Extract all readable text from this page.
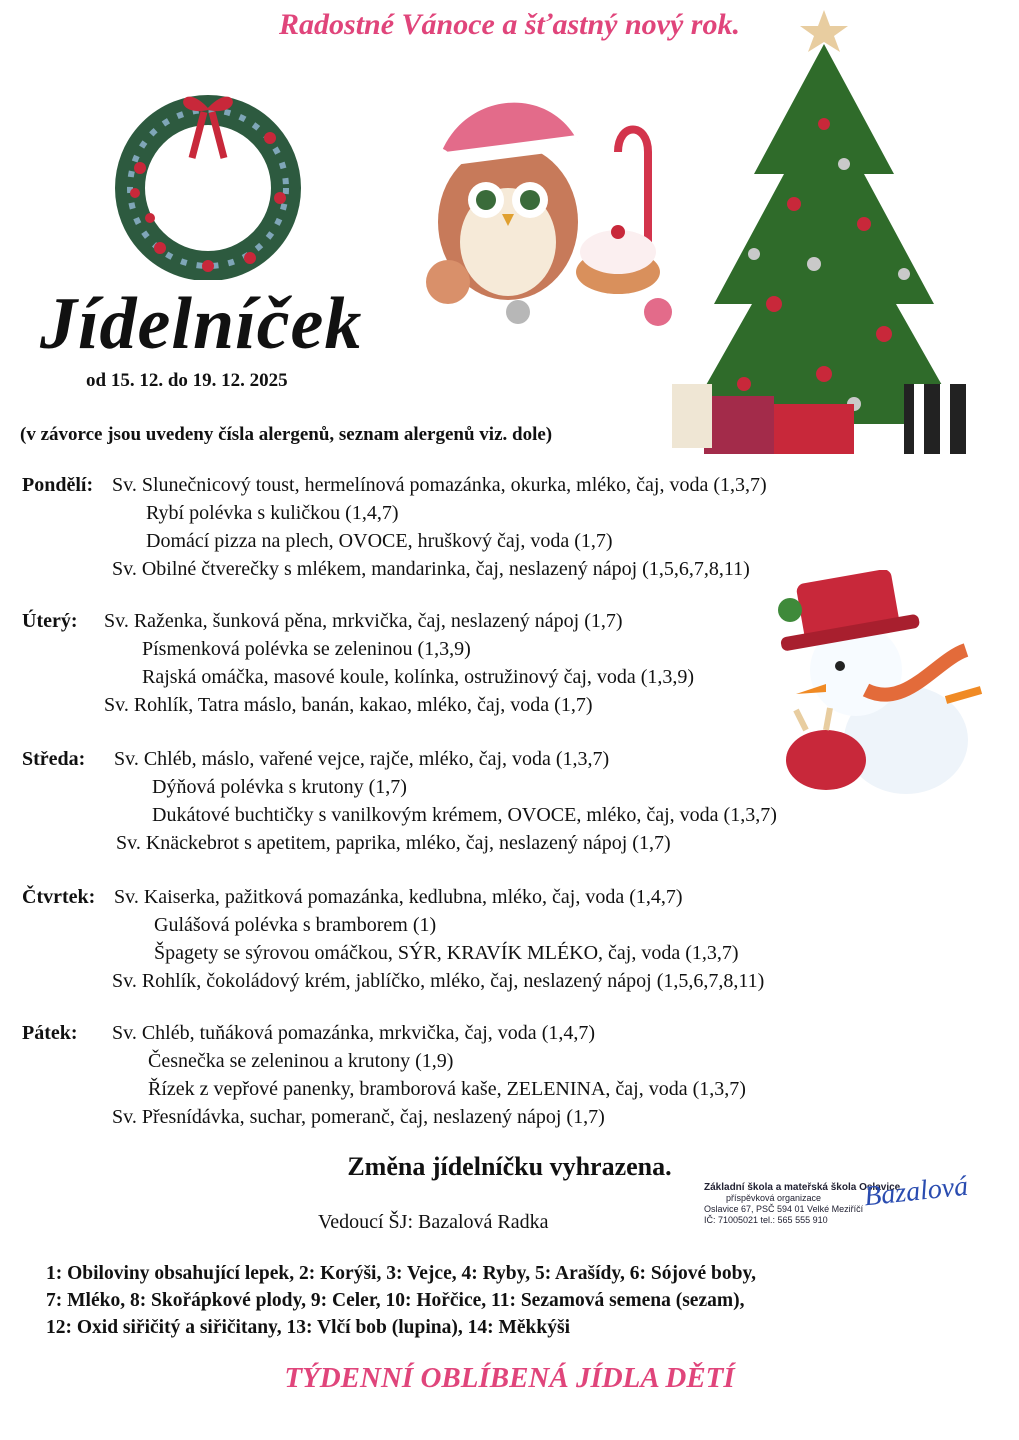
Radostné Vánoce a šťastný nový rok.
Jídelníček
od 15. 12. do 19. 12. 2025
(v závorce jsou uvedeny čísla alergenů, seznam alergenů viz. dole)
Pondělí: Sv. Slunečnicový toust, hermelínová pomazánka, okurka, mléko, čaj, voda (1,3,7)
Rybí polévka s kuličkou (1,4,7)
Domácí pizza na plech, OVOCE, hruškový čaj, voda (1,7)
Sv. Obilné čtverečky s mlékem, mandarinka, čaj, neslazený nápoj (1,5,6,7,8,11)
Úterý: Sv. Raženka, šunková pěna, mrkvička, čaj, neslazený nápoj (1,7)
Písmenková polévka se zeleninou (1,3,9)
Rajská omáčka, masové koule, kolínka, ostružinový čaj, voda (1,3,9)
Sv. Rohlík, Tatra máslo, banán, kakao, mléko, čaj, voda (1,7)
Středa: Sv. Chléb, máslo, vařené vejce, rajče, mléko, čaj, voda (1,3,7)
Dýňová polévka s krutony (1,7)
Dukátové buchtičky s vanilkovým krémem, OVOCE, mléko, čaj, voda (1,3,7)
Sv. Knäckebrot s apetitem, paprika, mléko, čaj, neslazený nápoj (1,7)
Čtvrtek: Sv. Kaiserka, pažitková pomazánka, kedlubna, mléko, čaj, voda (1,4,7)
Gulášová polévka s bramborem (1)
Špagety se sýrovou omáčkou, SÝR, KRAVÍK MLÉKO, čaj, voda (1,3,7)
Sv. Rohlík, čokoládový krém, jablíčko, mléko, čaj, neslazený nápoj (1,5,6,7,8,11)
Pátek: Sv. Chléb, tuňáková pomazánka, mrkvička, čaj, voda (1,4,7)
Česnečka se zeleninou a krutony (1,9)
Řízek z vepřové panenky, bramborová kaše, ZELENINA, čaj, voda (1,3,7)
Sv. Přesnídávka, suchar, pomeranč, čaj, neslazený nápoj (1,7)
Změna jídelníčku vyhrazena.
Vedoucí ŠJ: Bazalová Radka
Základní škola a mateřská škola Oslavice
příspěvková organizace
Oslavice 67, PSČ 594 01 Velké Meziříčí
IČ: 71005021 tel.: 565 555 910
Bazalová
1: Obiloviny obsahující lepek, 2: Korýši, 3: Vejce, 4: Ryby, 5: Arašídy, 6: Sójové boby,
7: Mléko, 8: Skořápkové plody, 9: Celer, 10: Hořčice, 11: Sezamová semena (sezam),
12: Oxid siřičitý a siřičitany, 13: Vlčí bob (lupina), 14: Měkkýši
TÝDENNÍ OBLÍBENÁ JÍDLA DĚTÍ
